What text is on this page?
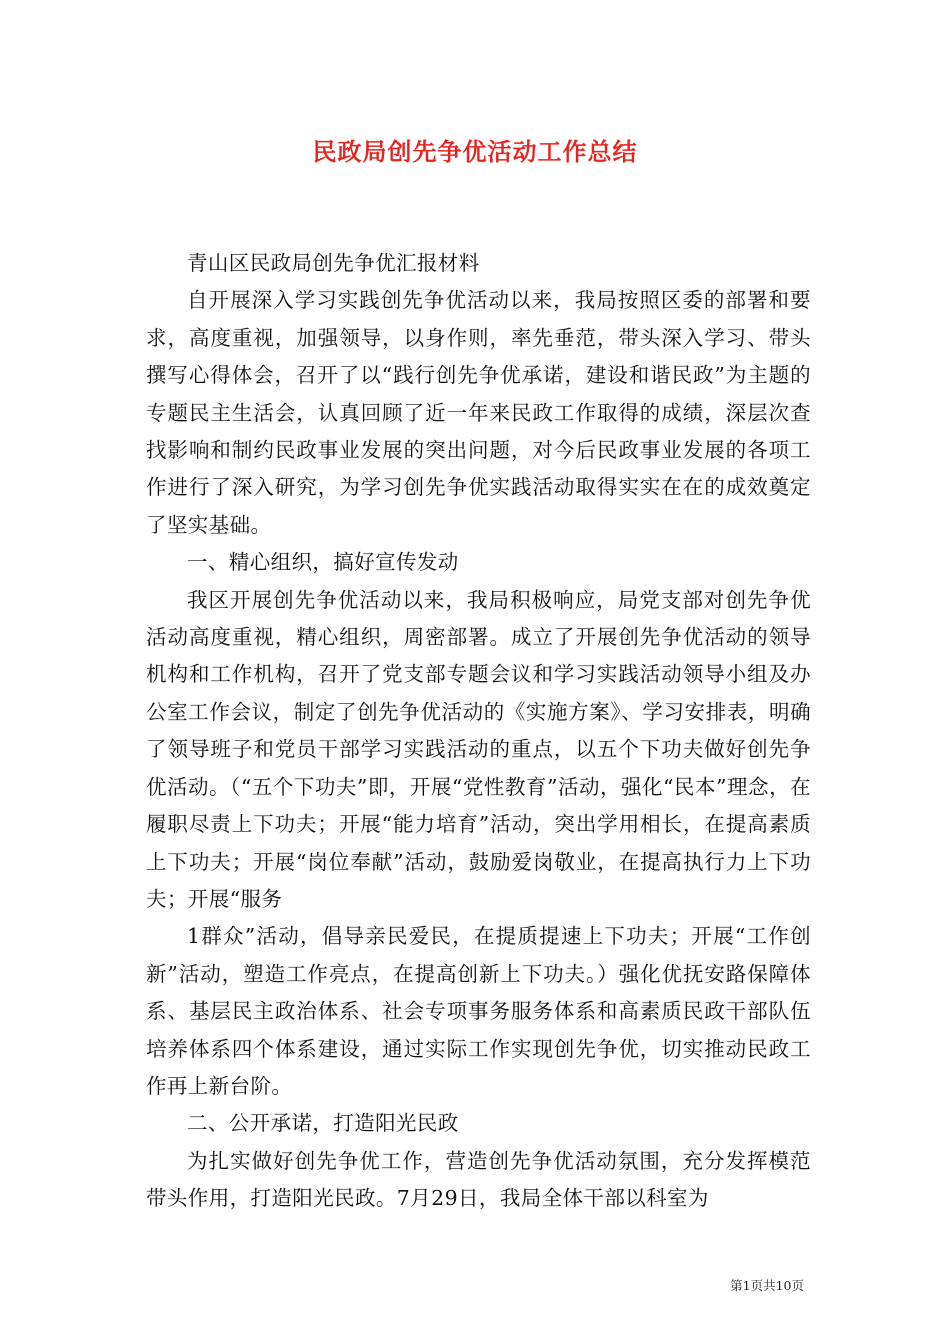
民政局创先争优活动工作总结

青山区民政局创先争优汇报材料

自开展深入学习实践创先争优活动以来，我局按照区委的部署和要求，高度重视，加强领导，以身作则，率先垂范，带头深入学习、带头撰写心得体会，召开了以“践行创先争优承诺，建设和谐民政”为主题的专题民主生活会，认真回顾了近一年来民政工作取得的成绩，深层次查找影响和制约民政事业发展的突出问题，对今后民政事业发展的各项工作进行了深入研究，为学习创先争优实践活动取得实实在在的成效奠定了坚实基础。

一、精心组织，搞好宣传发动

我区开展创先争优活动以来，我局积极响应，局党支部对创先争优活动高度重视，精心组织，周密部署。成立了开展创先争优活动的领导机构和工作机构，召开了党支部专题会议和学习实践活动领导小组及办公室工作会议，制定了创先争优活动的《实施方案》、学习安排表，明确了领导班子和党员干部学习实践活动的重点，以五个下功夫做好创先争优活动。（“五个下功夫”即，开展“党性教育”活动，强化“民本”理念，在履职尽责上下功夫；开展“能力培育”活动，突出学用相长，在提高素质上下功夫；开展“岗位奉献”活动，鼓励爱岗敬业，在提高执行力上下功夫；开展“服务

1群众”活动，倡导亲民爱民，在提质提速上下功夫；开展“工作创新”活动，塑造工作亮点，在提高创新上下功夫。）强化优抚安路保障体系、基层民主政治体系、社会专项事务服务体系和高素质民政干部队伍培养体系四个体系建设，通过实际工作实现创先争优，切实推动民政工作再上新台阶。

二、公开承诺，打造阳光民政

为扎实做好创先争优工作，营造创先争优活动氛围，充分发挥模范带头作用，打造阳光民政。7月29日，我局全体干部以科室为

第1页共10页
